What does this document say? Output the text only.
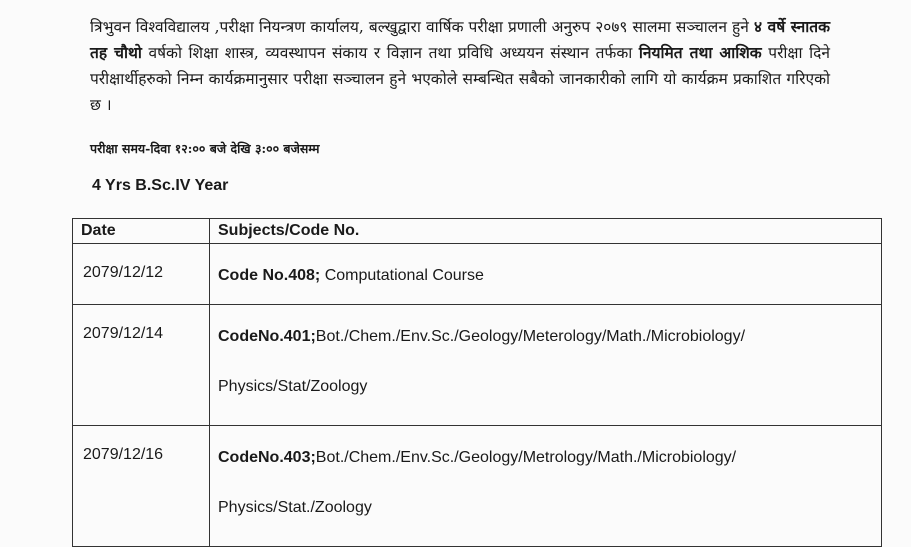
त्रिभुवन विश्वविद्यालय ,परीक्षा नियन्त्रण कार्यालय, बल्खुद्वारा वार्षिक परीक्षा प्रणाली अनुरुप २०७९ सालमा सञ्चालन हुने ४ वर्षे स्नातक तह चौथो वर्षको शिक्षा शास्त्र, व्यवस्थापन संकाय र विज्ञान तथा प्रविधि अध्ययन संस्थान तर्फका नियमित तथा आशिक परीक्षा दिने परीक्षार्थीहरुको निम्न कार्यक्रमानुसार परीक्षा सञ्चालन हुने भएकोले सम्बन्धित सबैको जानकारीको लागि यो कार्यक्रम प्रकाशित गरिएको छ ।

परीक्षा समय-दिवा १२:०० बजे देखि ३:०० बजेसम्म
4 Yrs B.Sc.IV Year
Date	Subjects/Code No.
2079/12/12	Code No.408; Computational Course
2079/12/14	CodeNo.401;Bot./Chem./Env.Sc./Geology/Meterology/Math./Microbiology/
Physics/Stat/Zoology

2079/12/16	CodeNo.403;Bot./Chem./Env.Sc./Geology/Metrology/Math./Microbiology/
Physics/Stat./Zoology
